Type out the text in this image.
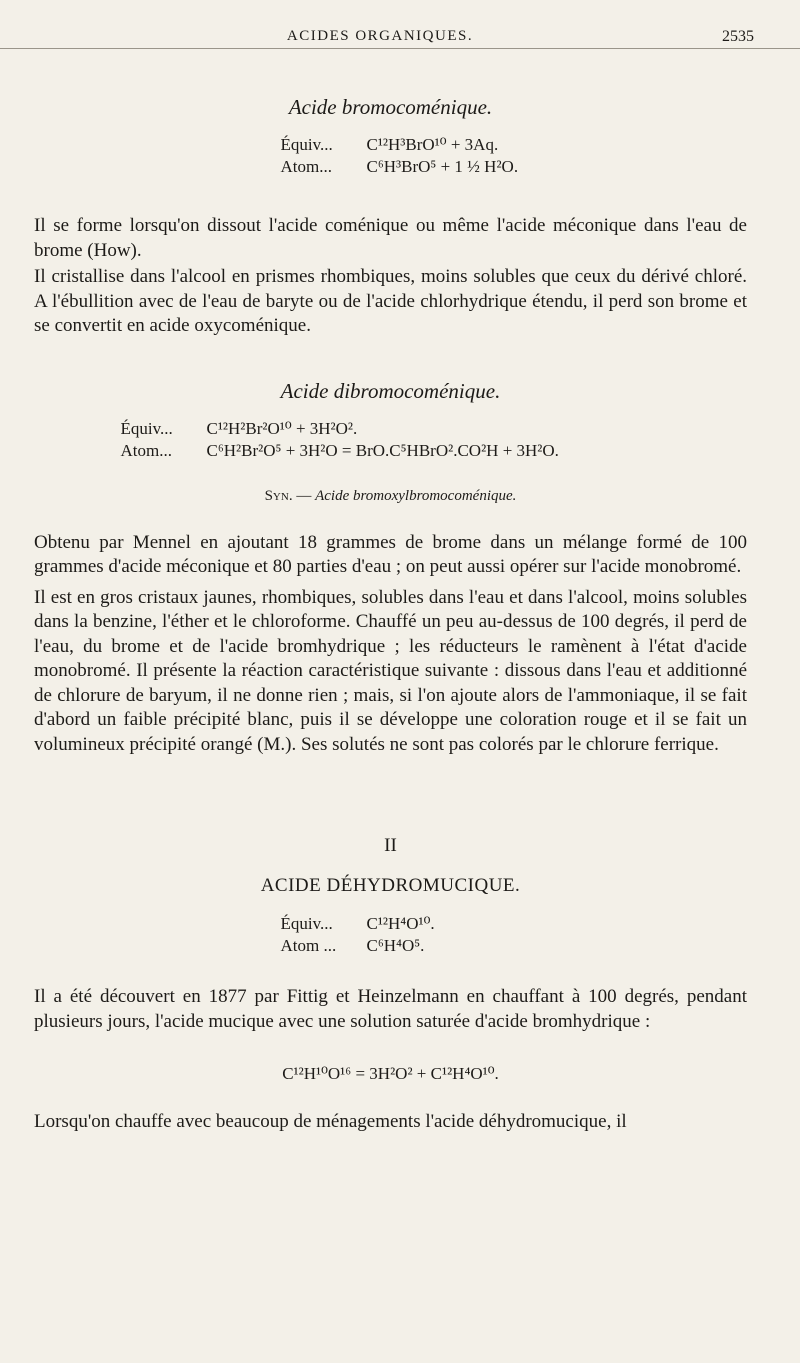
ACIDES ORGANIQUES.	2535
Acide bromocoménique.
Équiv...	C¹²H³BrO¹⁰ + 3Aq.
Atom...	C⁶H³BrO⁵ + 1 ½ H²O.

Il se forme lorsqu'on dissout l'acide coménique ou même l'acide méconique dans l'eau de brome (How).

Il cristallise dans l'alcool en prismes rhombiques, moins solubles que ceux du dérivé chloré. A l'ébullition avec de l'eau de baryte ou de l'acide chlorhydrique étendu, il perd son brome et se convertit en acide oxycoménique.

Acide dibromocoménique.
Équiv...	C¹²H²Br²O¹⁰ + 3H²O².
Atom...	C⁶H²Br²O⁵ + 3H²O = BrO.C⁵HBrO².CO²H + 3H²O.
Syn. — Acide bromoxylbromocoménique.

Obtenu par Mennel en ajoutant 18 grammes de brome dans un mélange formé de 100 grammes d'acide méconique et 80 parties d'eau ; on peut aussi opérer sur l'acide monobromé.

Il est en gros cristaux jaunes, rhombiques, solubles dans l'eau et dans l'alcool, moins solubles dans la benzine, l'éther et le chloroforme. Chauffé un peu au-dessus de 100 degrés, il perd de l'eau, du brome et de l'acide bromhydrique ; les réducteurs le ramènent à l'état d'acide monobromé. Il présente la réaction caractéristique suivante : dissous dans l'eau et additionné de chlorure de baryum, il ne donne rien ; mais, si l'on ajoute alors de l'ammoniaque, il se fait d'abord un faible précipité blanc, puis il se développe une coloration rouge et il se fait un volumineux précipité orangé (M.). Ses solutés ne sont pas colorés par le chlorure ferrique.

II
ACIDE DÉHYDROMUCIQUE.
Équiv...	C¹²H⁴O¹⁰.
Atom ...	C⁶H⁴O⁵.

Il a été découvert en 1877 par Fittig et Heinzelmann en chauffant à 100 degrés, pendant plusieurs jours, l'acide mucique avec une solution saturée d'acide bromhydrique :

C¹²H¹⁰O¹⁶ = 3H²O² + C¹²H⁴O¹⁰.

Lorsqu'on chauffe avec beaucoup de ménagements l'acide déhydromucique, il
